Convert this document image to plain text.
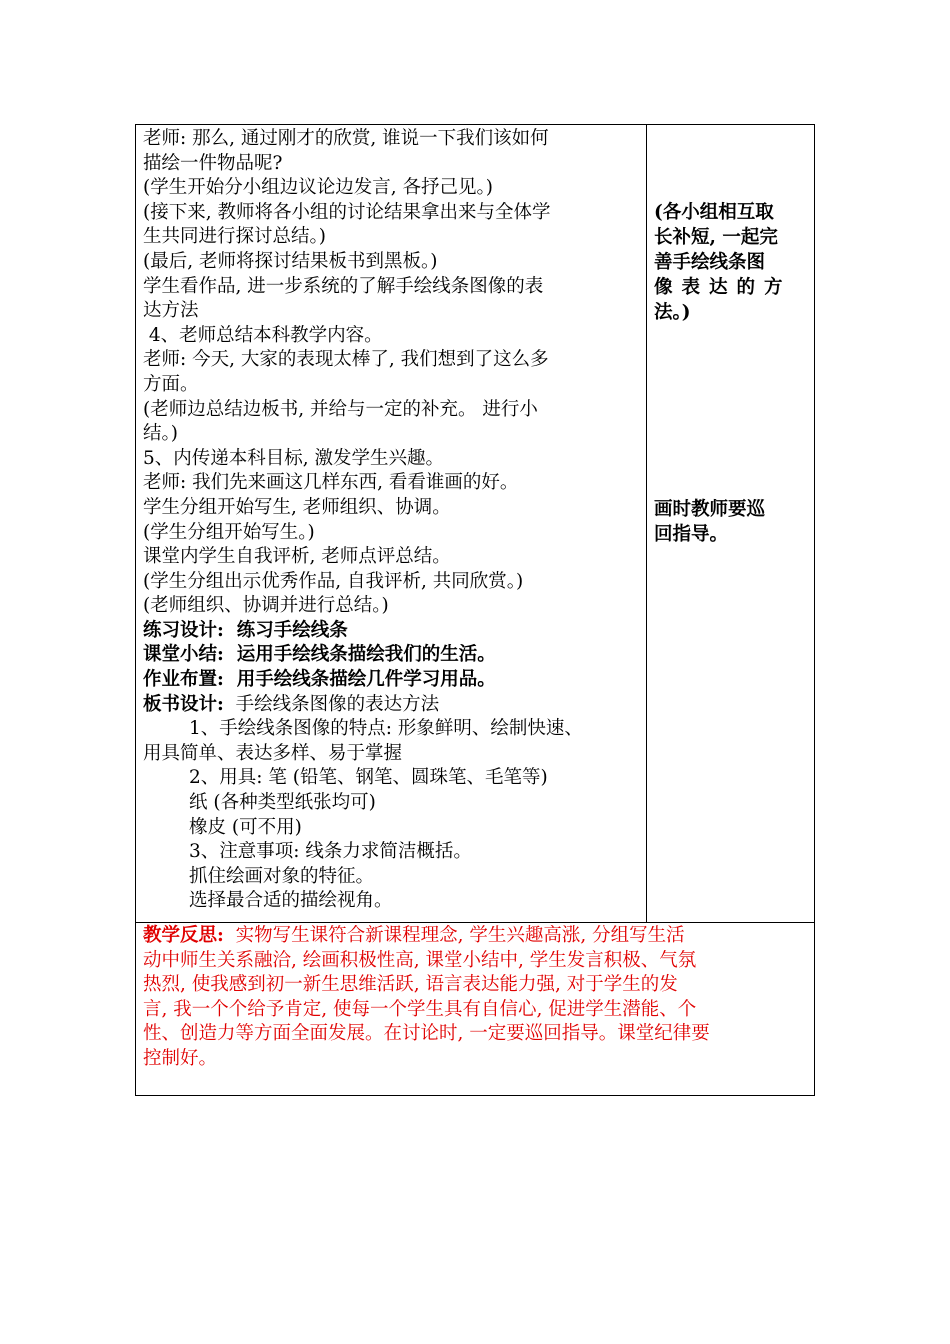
老师: 那么, 通过刚才的欣赏, 谁说一下我们该如何
描绘一件物品呢?
(学生开始分小组边议论边发言, 各抒己见。)
(接下来, 教师将各小组的讨论结果拿出来与全体学
生共同进行探讨总结。)
(最后, 老师将探讨结果板书到黑板。)
学生看作品, 进一步系统的了解手绘线条图像的表
达方法
4、老师总结本科教学内容。
老师: 今天, 大家的表现太棒了, 我们想到了这么多
方面。
(老师边总结边板书, 并给与一定的补充。 进行小
结。)
5、内传递本科目标, 激发学生兴趣。
老师: 我们先来画这几样东西, 看看谁画的好。
学生分组开始写生, 老师组织、协调。
(学生分组开始写生。)
课堂内学生自我评析, 老师点评总结。
(学生分组出示优秀作品, 自我评析, 共同欣赏。)
(老师组织、协调并进行总结。)
练习设计:  练习手绘线条
课堂小结:  运用手绘线条描绘我们的生活。
作业布置:  用手绘线条描绘几件学习用品。
板书设计:  手绘线条图像的表达方法
1、手绘线条图像的特点: 形象鲜明、绘制快速、
用具简单、表达多样、易于掌握
2、用具: 笔 (铅笔、钢笔、圆珠笔、毛笔等)
纸 (各种类型纸张均可)
橡皮 (可不用)
3、注意事项: 线条力求简洁概括。
抓住绘画对象的特征。
选择最合适的描绘视角。
(各小组相互取
长补短, 一起完
善手绘线条图
像表达的方
法。)
画时教师要巡
回指导。
教学反思:  实物写生课符合新课程理念, 学生兴趣高涨, 分组写生活
动中师生关系融洽, 绘画积极性高, 课堂小结中, 学生发言积极、气氛
热烈, 使我感到初一新生思维活跃, 语言表达能力强, 对于学生的发
言, 我一个个给予肯定, 使每一个学生具有自信心, 促进学生潜能、个
性、创造力等方面全面发展。在讨论时, 一定要巡回指导。课堂纪律要
控制好。
